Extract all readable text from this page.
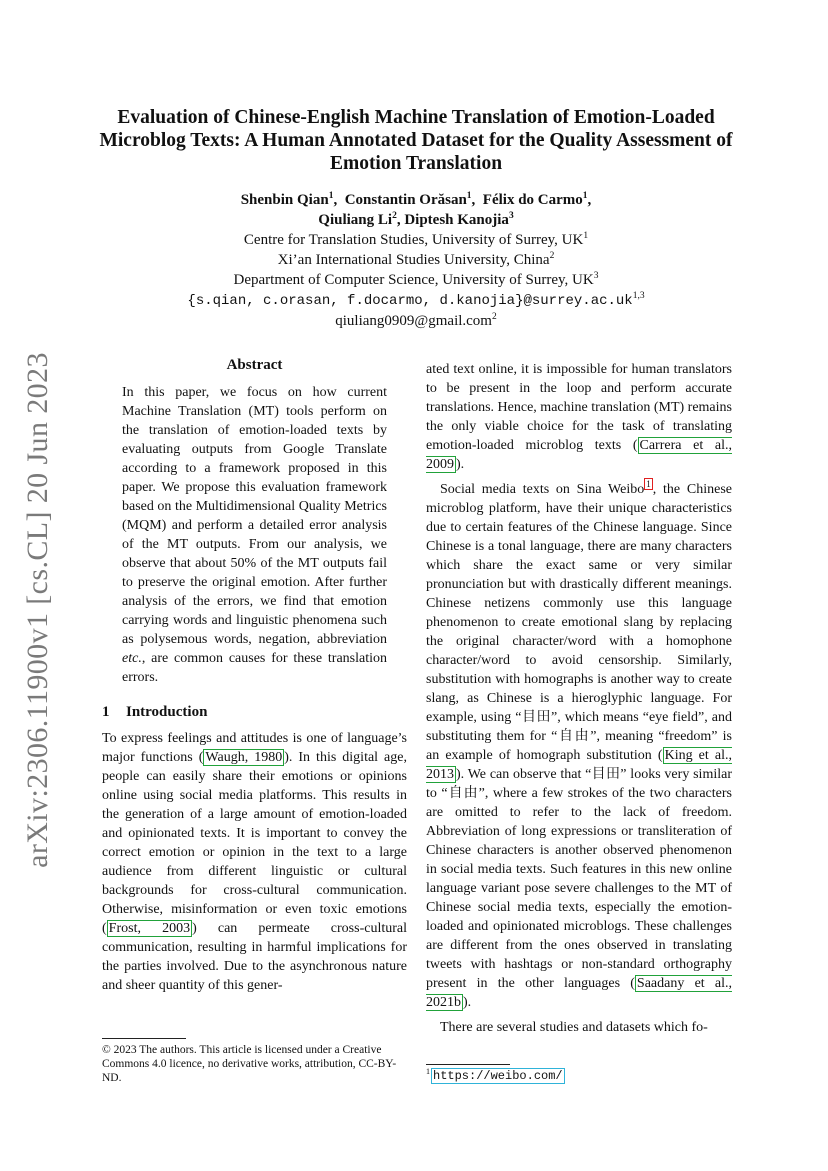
arXiv:2306.11900v1 [cs.CL] 20 Jun 2023
Evaluation of Chinese-English Machine Translation of Emotion-Loaded Microblog Texts: A Human Annotated Dataset for the Quality Assessment of Emotion Translation
Shenbin Qian$^1$,  Constantin Orăsan$^1$,  Félix do Carmo$^1$,
Qiuliang Li$^2$, Diptesh Kanojia$^3$
Centre for Translation Studies, University of Surrey, $UK^1$
Xi’an International Studies University, China$^2$
Department of Computer Science, University of Surrey, $UK^3$
{s.qian, c.orasan, f.docarmo, d.kanojia}@surrey.ac.uk$^{1,3}$
qiuliang0909@gmail.com$^2$
Abstract

In this paper, we focus on how current Machine Translation (MT) tools perform on the translation of emotion-loaded texts by evaluating outputs from Google Translate according to a framework proposed in this paper. We propose this evaluation framework based on the Multidimensional Quality Metrics (MQM) and perform a detailed error analysis of the MT outputs. From our analysis, we observe that about 50% of the MT outputs fail to preserve the original emotion. After further analysis of the errors, we find that emotion carrying words and linguistic phenomena such as polysemous words, negation, abbreviation etc., are common causes for these translation errors.

1 Introduction

To express feelings and attitudes is one of language’s major functions ( Waugh, 1980 ). In this digital age, people can easily share their emotions or opinions online using social media platforms. This results in the generation of a large amount of emotion-loaded and opinionated texts. It is important to convey the correct emotion or opinion in the text to a large audience from different linguistic or cultural backgrounds for cross-cultural communication. Otherwise, misinformation or even toxic emotions ( Frost, 2003 ) can permeate cross-cultural communication, resulting in harmful implications for the parties involved. Due to the asynchronous nature and sheer quantity of this gener-

© 2023 The authors. This article is licensed under a Creative Commons 4.0 licence, no derivative works, attribution, CC-BY-ND.

ated text online, it is impossible for human translators to be present in the loop and perform accurate translations. Hence, machine translation (MT) remains the only viable choice for the task of translating emotion-loaded microblog texts ( Carrera et al., 2009 ).

Social media texts on Sina Weibo $^1$ , the Chinese microblog platform, have their unique characteristics due to certain features of the Chinese language. Since Chinese is a tonal language, there are many characters which share the exact same or very similar pronunciation but with drastically different meanings. Chinese netizens commonly use this language phenomenon to create emotional slang by replacing the original character/word with a homophone character/word to avoid censorship. Similarly, substitution with homographs is another way to create slang, as Chinese is a hieroglyphic language. For example, using “目田”, which means “eye field”, and substituting them for “自由”, meaning “freedom” is an example of homograph substitution ( King et al., 2013 ). We can observe that “目田” looks very similar to “自由”, where a few strokes of the two characters are omitted to refer to the lack of freedom. Abbreviation of long expressions or transliteration of Chinese characters is another observed phenomenon in social media texts. Such features in this new online language variant pose severe challenges to the MT of Chinese social media texts, especially the emotion-loaded and opinionated microblogs. These challenges are different from the ones observed in translating tweets with hashtags or non-standard orthography present in the other languages ( Saadany et al., 2021b ).

There are several studies and datasets which fo-

1 https://weibo.com/
